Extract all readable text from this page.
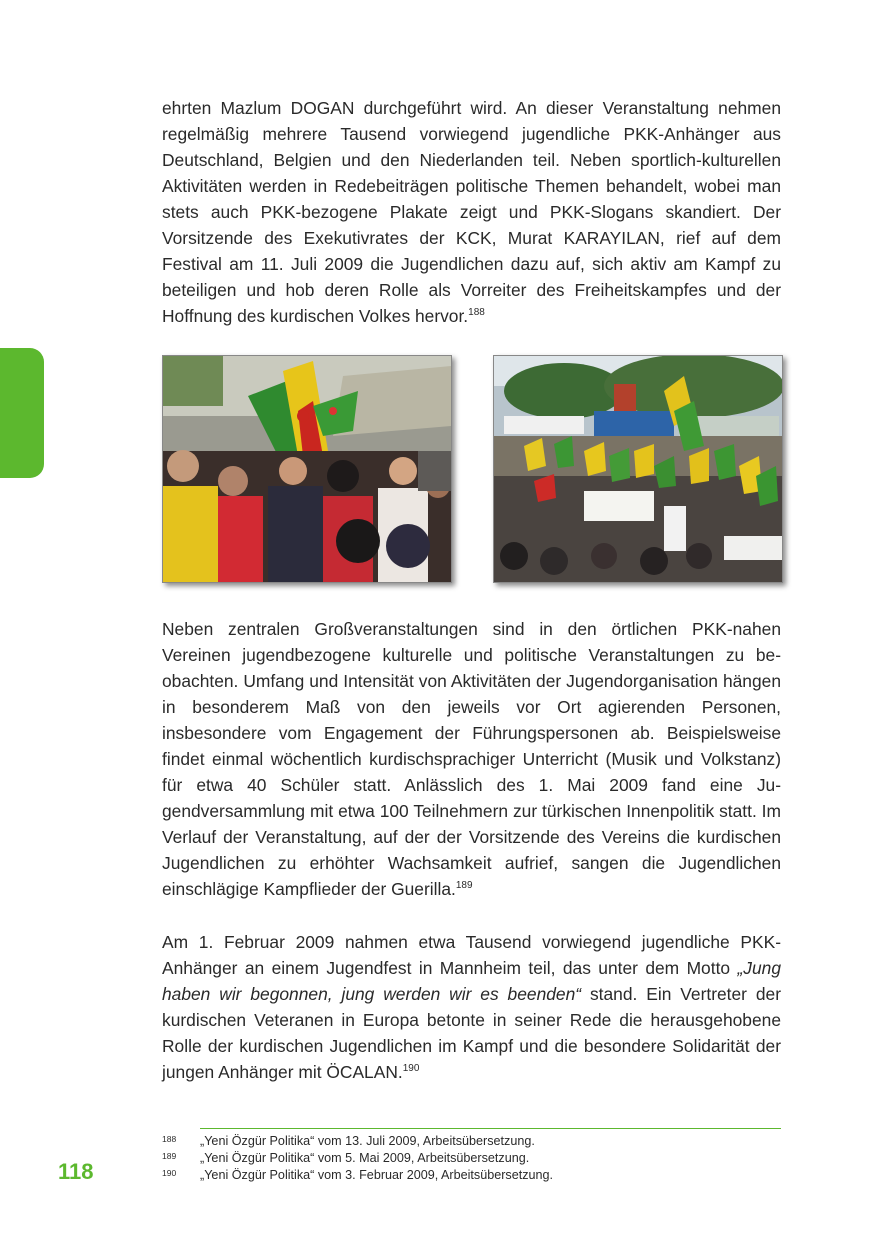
ehrten Mazlum DOGAN durchgeführt wird. An dieser Veranstaltung nehmen regelmäßig mehrere Tausend vorwiegend jugendliche PKK-Anhänger aus Deutschland, Belgien und den Niederlanden teil. Neben sportlich-kulturellen Aktivitäten werden in Redebeiträgen politische Themen behandelt, wobei man stets auch PKK-bezogene Plakate zeigt und PKK-Slogans skandiert. Der Vorsitzende des Exekutivrates der KCK, Murat KARAYILAN, rief auf dem Festival am 11. Juli 2009 die Jugendlichen dazu auf, sich aktiv am Kampf zu beteiligen und hob deren Rolle als Vorreiter des Freiheitskampfes und der Hoffnung des kurdischen Volkes hervor.$^{188}$

Neben zentralen Großveranstaltungen sind in den örtlichen PKK-nahen Vereinen jugendbezogene kulturelle und politische Veranstaltungen zu beobachten. Umfang und Intensität von Aktivitäten der Jugendorganisation hängen in besonderem Maß von den jeweils vor Ort agierenden Personen, insbesondere vom Engagement der Führungspersonen ab. Beispielsweise findet einmal wöchentlich kurdischsprachiger Unterricht (Musik und Volkstanz) für etwa 40 Schüler statt. Anlässlich des 1. Mai 2009 fand eine Jugendversammlung mit etwa 100 Teilnehmern zur türkischen Innenpolitik statt. Im Verlauf der Veranstaltung, auf der der Vorsitzende des Vereins die kurdischen Jugendlichen zu erhöhter Wachsamkeit aufrief, sangen die Jugendlichen einschlägige Kampflieder der Guerilla.$^{189}$

Am 1. Februar 2009 nahmen etwa Tausend vorwiegend jugendliche PKK-Anhänger an einem Jugendfest in Mannheim teil, das unter dem Motto „Jung haben wir begonnen, jung werden wir es beenden“ stand. Ein Vertreter der kurdischen Veteranen in Europa betonte in seiner Rede die herausgehobene Rolle der kurdischen Jugendlichen im Kampf und die besondere Solidarität der jungen Anhänger mit ÖCALAN.$^{190}$

188	„Yeni Özgür Politika“ vom 13. Juli 2009, Arbeitsübersetzung.
189	„Yeni Özgür Politika“ vom 5. Mai 2009, Arbeitsübersetzung.
190	„Yeni Özgür Politika“ vom 3. Februar 2009, Arbeitsübersetzung.
118
